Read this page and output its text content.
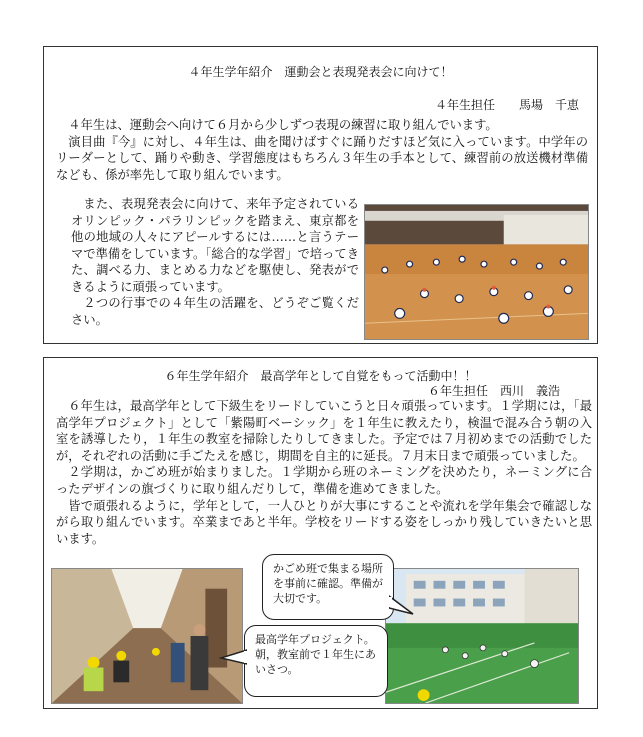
４年生学年紹介　運動会と表現発表会に向けて！
４年生担任　　馬場　千恵

４年生は、運動会へ向けて６月から少しずつ表現の練習に取り組んでいます。

演目曲『今』に対し、４年生は、曲を聞けばすぐに踊りだすほど気に入っています。中学年のリーダーとして、踊りや動き、学習態度はもちろん３年生の手本として、練習前の放送機材準備なども、係が率先して取り組んでいます。

また、表現発表会に向けて、来年予定されているオリンピック・パラリンピックを踏まえ、東京都を他の地域の人々にアピールするには……と言うテーマで準備をしています。「総合的な学習」で培ってきた、調べる力、まとめる力などを駆使し、発表ができるように頑張っています。

２つの行事での４年生の活躍を、どうぞご覧ください。

６年生学年紹介　最高学年として自覚をもって活動中！！
６年生担任　西川　義浩

６年生は，最高学年として下級生をリードしていこうと日々頑張っています。１学期には，「最高学年プロジェクト」として「紫陽町ベーシック」を１年生に教えたり，検温で混み合う朝の入室を誘導したり，１年生の教室を掃除したりしてきました。予定では７月初めまでの活動でしたが，それぞれの活動に手ごたえを感じ，期間を自主的に延長。７月末日まで頑張っていました。

２学期は，かごめ班が始まりました。１学期から班のネーミングを決めたり，ネーミングに合ったデザインの旗づくりに取り組んだりして，準備を進めてきました。

皆で頑張れるように，学年として，一人ひとりが大事にすることや流れを学年集会で確認しながら取り組んでいます。卒業まであと半年。学校をリードする姿をしっかり残していきたいと思います。

かごめ班で集まる場所を事前に確認。準備が大切です。
最高学年プロジェクト。朝，教室前で１年生にあいさつ。
